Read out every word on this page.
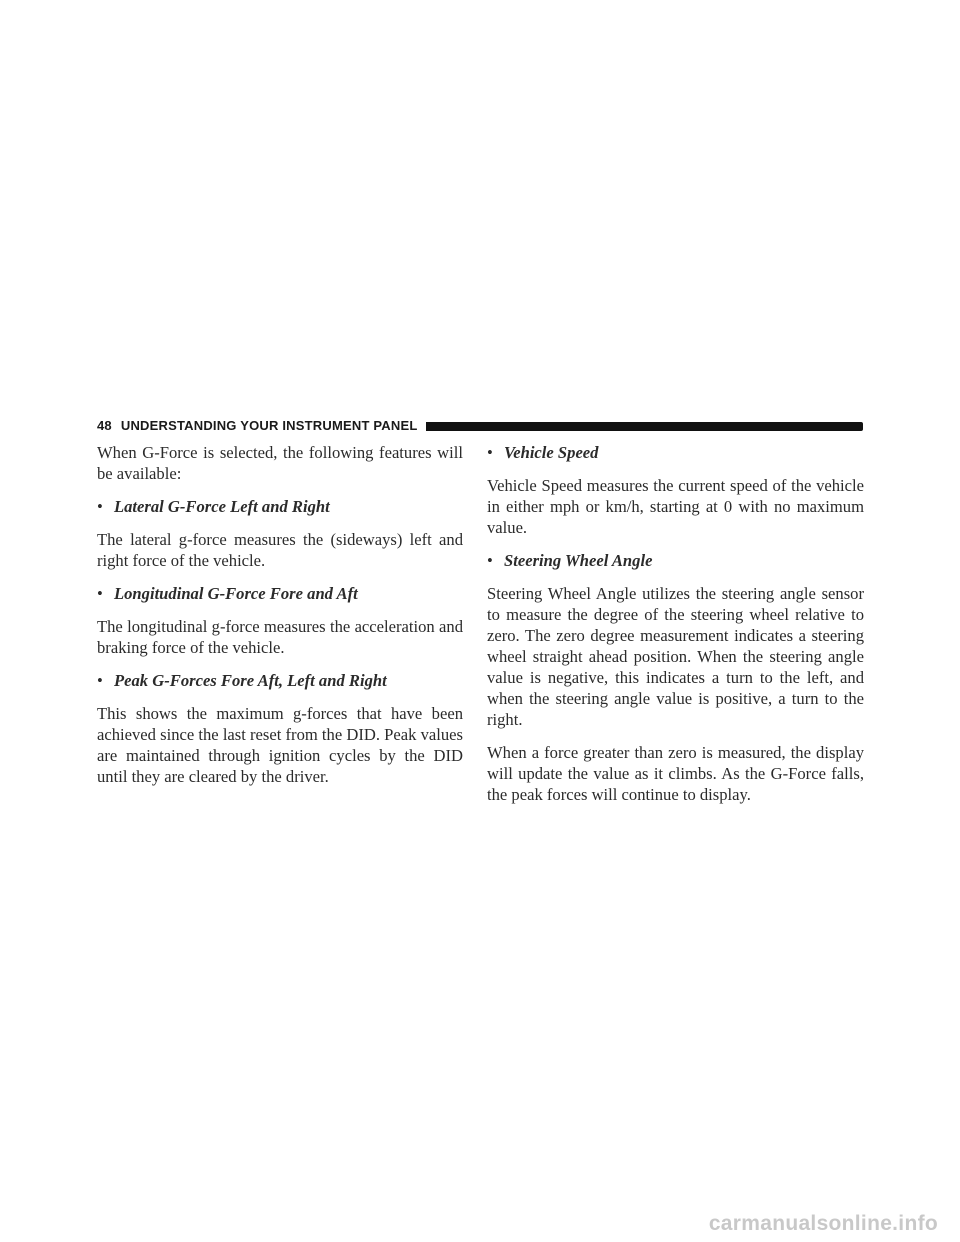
48 UNDERSTANDING YOUR INSTRUMENT PANEL

When G-Force is selected, the following features will be available:

• Lateral G-Force Left and Right

The lateral g-force measures the (sideways) left and right force of the vehicle.

• Longitudinal G-Force Fore and Aft

The longitudinal g-force measures the acceleration and braking force of the vehicle.

• Peak G-Forces Fore Aft, Left and Right

This shows the maximum g-forces that have been achieved since the last reset from the DID. Peak values are maintained through ignition cycles by the DID until they are cleared by the driver.

• Vehicle Speed

Vehicle Speed measures the current speed of the vehicle in either mph or km/h, starting at 0 with no maximum value.

• Steering Wheel Angle

Steering Wheel Angle utilizes the steering angle sensor to measure the degree of the steering wheel relative to zero. The zero degree measurement indicates a steering wheel straight ahead position. When the steering angle value is negative, this indicates a turn to the left, and when the steering angle value is positive, a turn to the right.

When a force greater than zero is measured, the display will update the value as it climbs. As the G-Force falls, the peak forces will continue to display.

carmanualsonline.info
